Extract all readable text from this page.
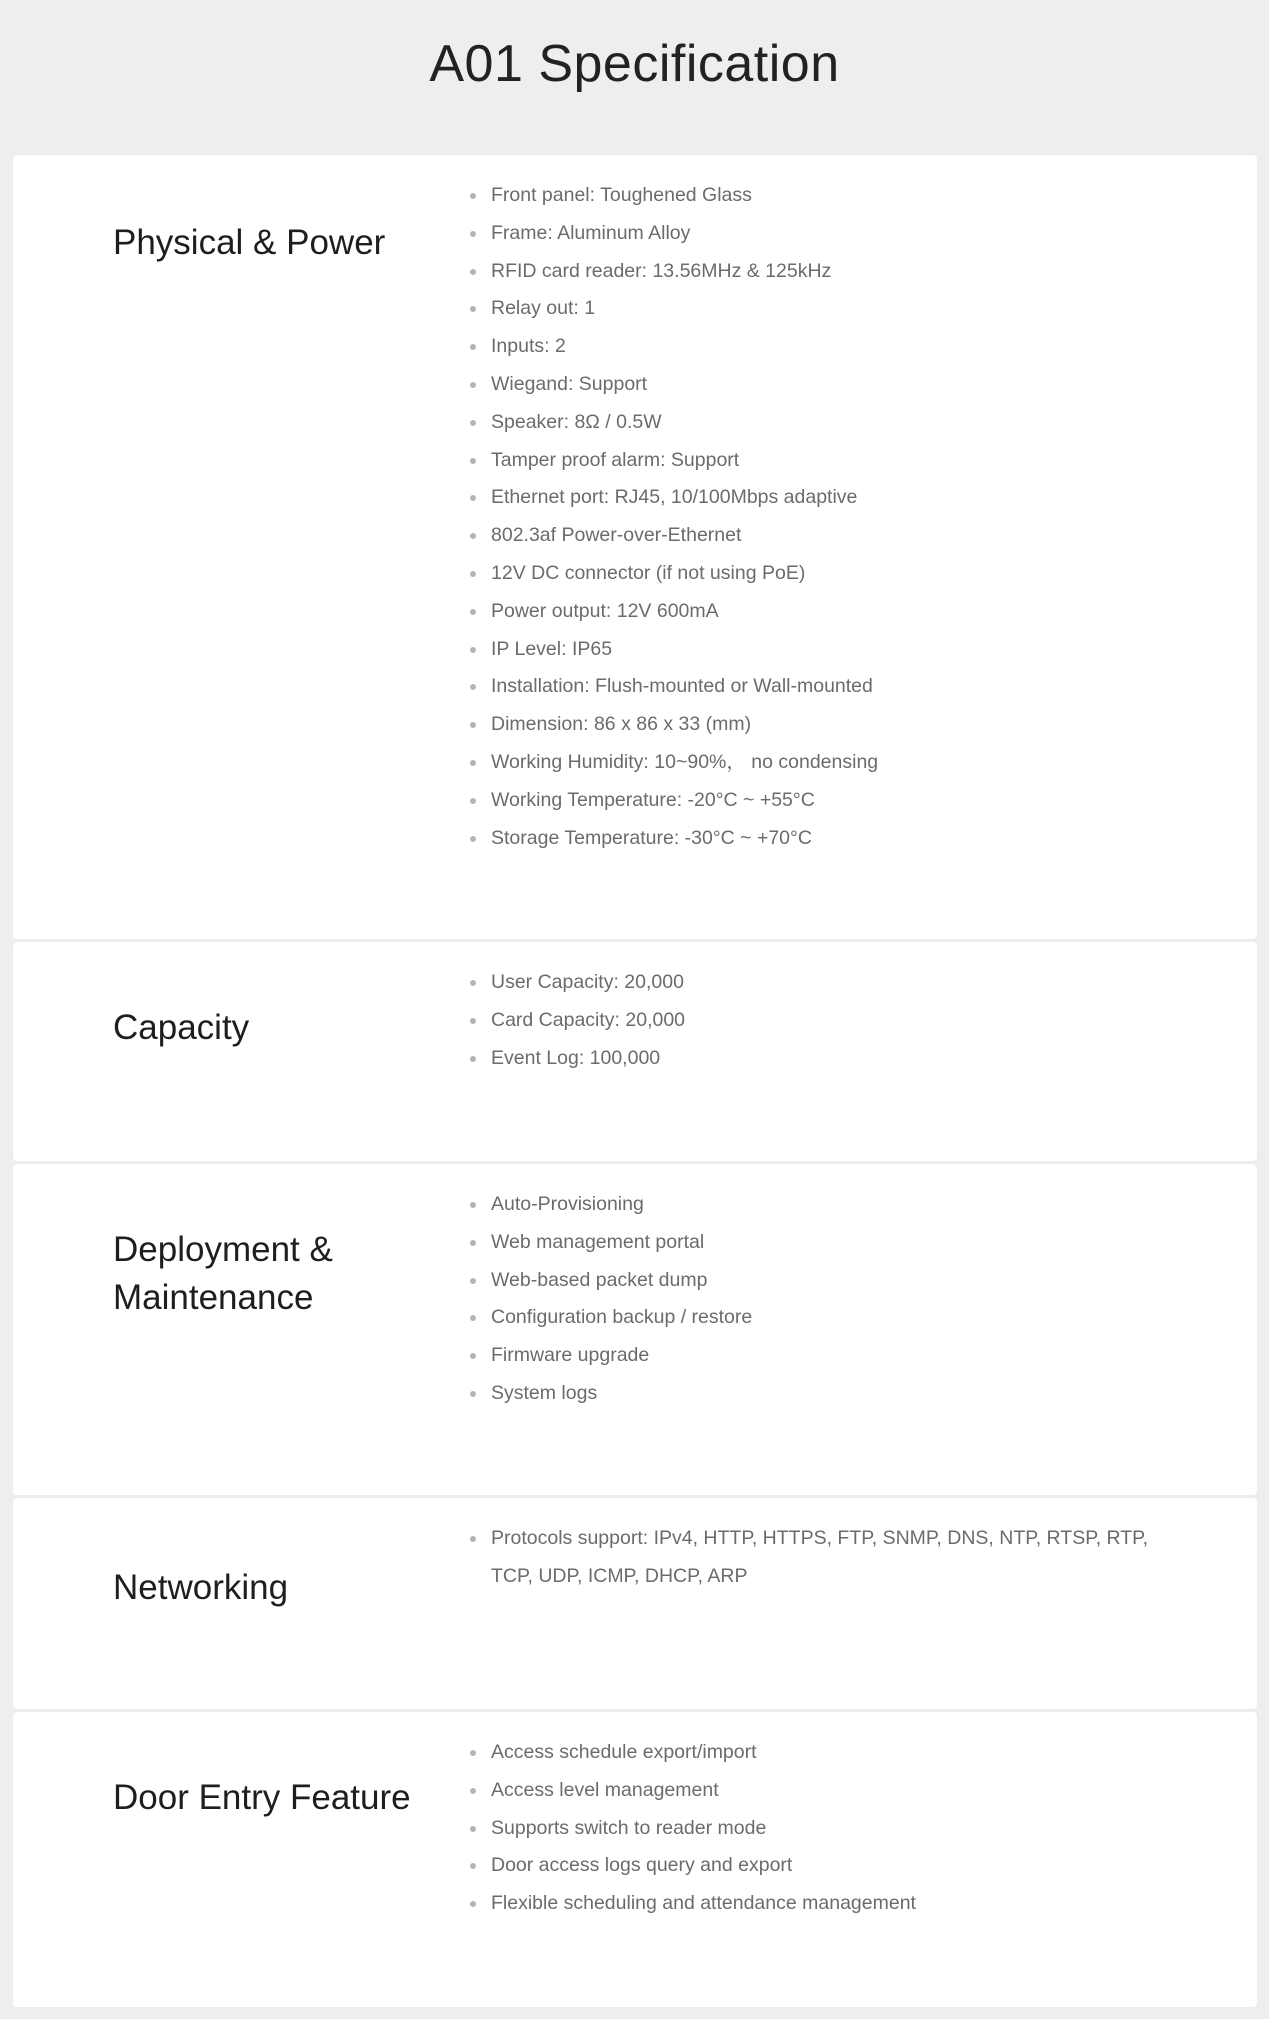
A01 Specification
Physical & Power
Front panel: Toughened Glass
Frame: Aluminum Alloy
RFID card reader: 13.56MHz & 125kHz
Relay out: 1
Inputs: 2
Wiegand: Support
Speaker: 8Ω / 0.5W
Tamper proof alarm: Support
Ethernet port: RJ45, 10/100Mbps adaptive
802.3af Power-over-Ethernet
12V DC connector (if not using PoE)
Power output: 12V 600mA
IP Level: IP65
Installation: Flush-mounted or Wall-mounted
Dimension: 86 x 86 x 33 (mm)
Working Humidity: 10~90%， no condensing
Working Temperature: -20°C ~ +55°C
Storage Temperature: -30°C ~ +70°C
Capacity
User Capacity: 20,000
Card Capacity: 20,000
Event Log: 100,000
Deployment & Maintenance
Auto-Provisioning
Web management portal
Web-based packet dump
Configuration backup / restore
Firmware upgrade
System logs
Networking
Protocols support: IPv4, HTTP, HTTPS, FTP, SNMP, DNS, NTP, RTSP, RTP, TCP, UDP, ICMP, DHCP, ARP
Door Entry Feature
Access schedule export/import
Access level management
Supports switch to reader mode
Door access logs query and export
Flexible scheduling and attendance management
